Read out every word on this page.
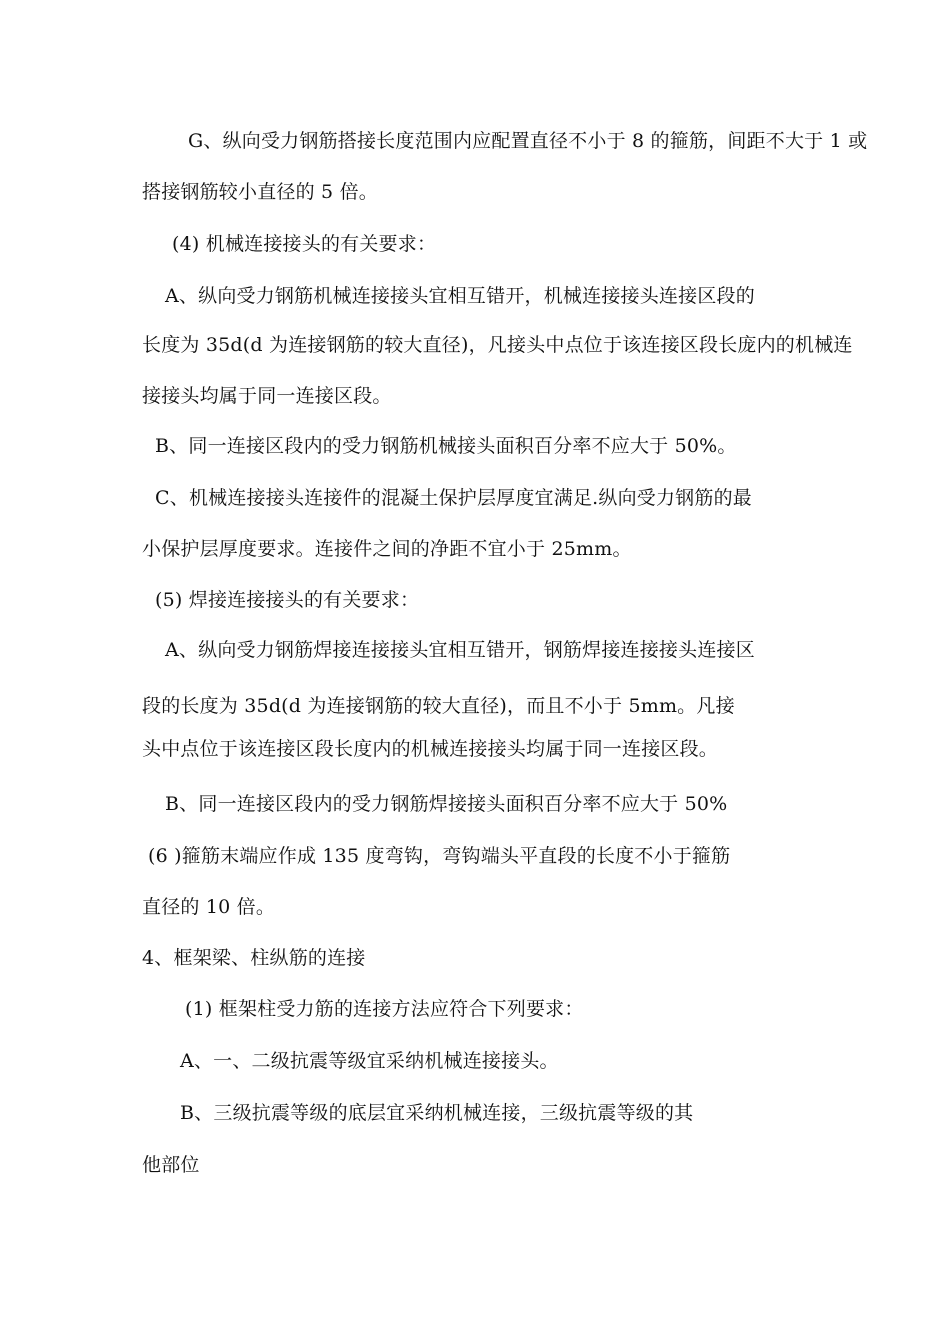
G、纵向受力钢筋搭接长度范围内应配置直径不小于 8 的箍筋，间距不大于 1 或
搭接钢筋较小直径的 5 倍。
(4) 机械连接接头的有关要求：
A、纵向受力钢筋机械连接接头宜相互错开，机械连接接头连接区段的
长度为 35d(d 为连接钢筋的较大直径)，凡接头中点位于该连接区段长庞内的机械连
接接头均属于同一连接区段。
B、同一连接区段内的受力钢筋机械接头面积百分率不应大于 50%。
C、机械连接接头连接件的混凝土保护层厚度宜满足.纵向受力钢筋的最
小保护层厚度要求。连接件之间的净距不宜小于 25mm。
(5) 焊接连接接头的有关要求：
A、纵向受力钢筋焊接连接接头宜相互错开，钢筋焊接连接接头连接区
段的长度为 35d(d 为连接钢筋的较大直径)，而且不小于 5mm。凡接
头中点位于该连接区段长度内的机械连接接头均属于同一连接区段。
B、同一连接区段内的受力钢筋焊接接头面积百分率不应大于 50%
(6 )箍筋末端应作成 135 度弯钩，弯钩端头平直段的长度不小于箍筋
直径的 10 倍。
4、框架梁、柱纵筋的连接
(1) 框架柱受力筋的连接方法应符合下列要求：
A、一、二级抗震等级宜采纳机械连接接头。
B、三级抗震等级的底层宜采纳机械连接，三级抗震等级的其
他部位
